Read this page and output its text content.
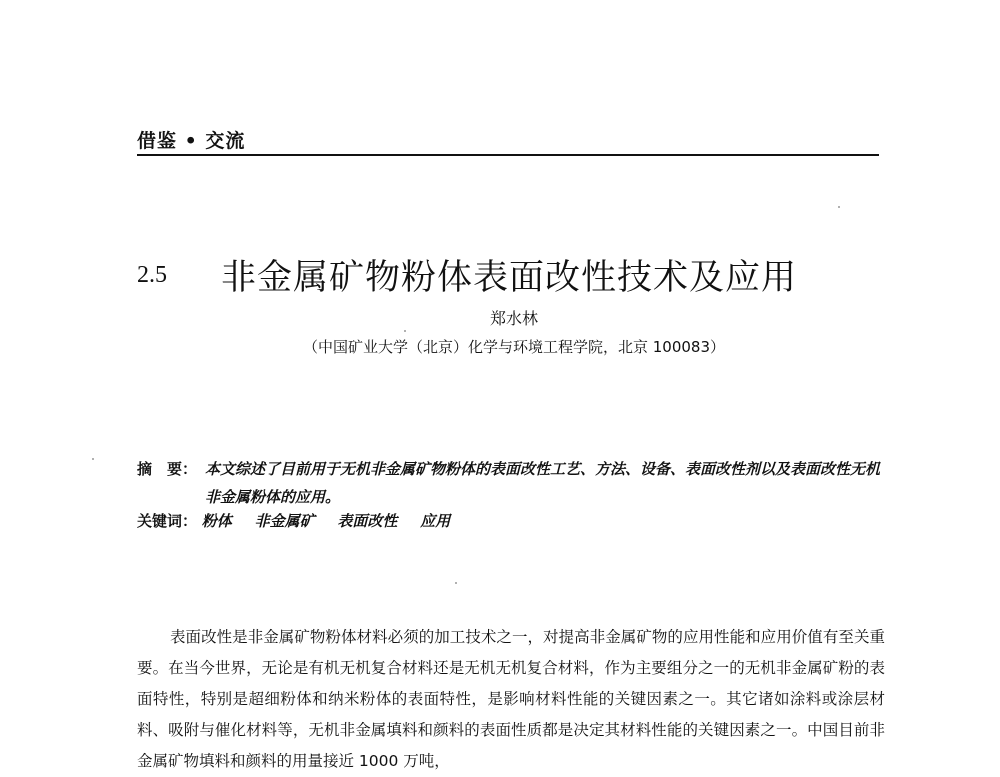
借鉴 • 交流
2.5 非金属矿物粉体表面改性技术及应用
郑水林
（中国矿业大学（北京）化学与环境工程学院，北京 100083）
摘　要： 本文综述了目前用于无机非金属矿物粉体的表面改性工艺、方法、设备、表面改性剂以及表面改性无机非金属粉体的应用。
关键词： 粉体 非金属矿 表面改性 应用
表面改性是非金属矿物粉体材料必须的加工技术之一，对提高非金属矿物的应用性能和应用价值有至关重要。在当今世界，无论是有机无机复合材料还是无机无机复合材料，作为主要组分之一的无机非金属矿粉的表面特性，特别是超细粉体和纳米粉体的表面特性，是影响材料性能的关键因素之一。其它诸如涂料或涂层材料、吸附与催化材料等，无机非金属填料和颜料的表面性质都是决定其材料性能的关键因素之一。中国目前非金属矿物填料和颜料的用量接近 1000 万吨，
